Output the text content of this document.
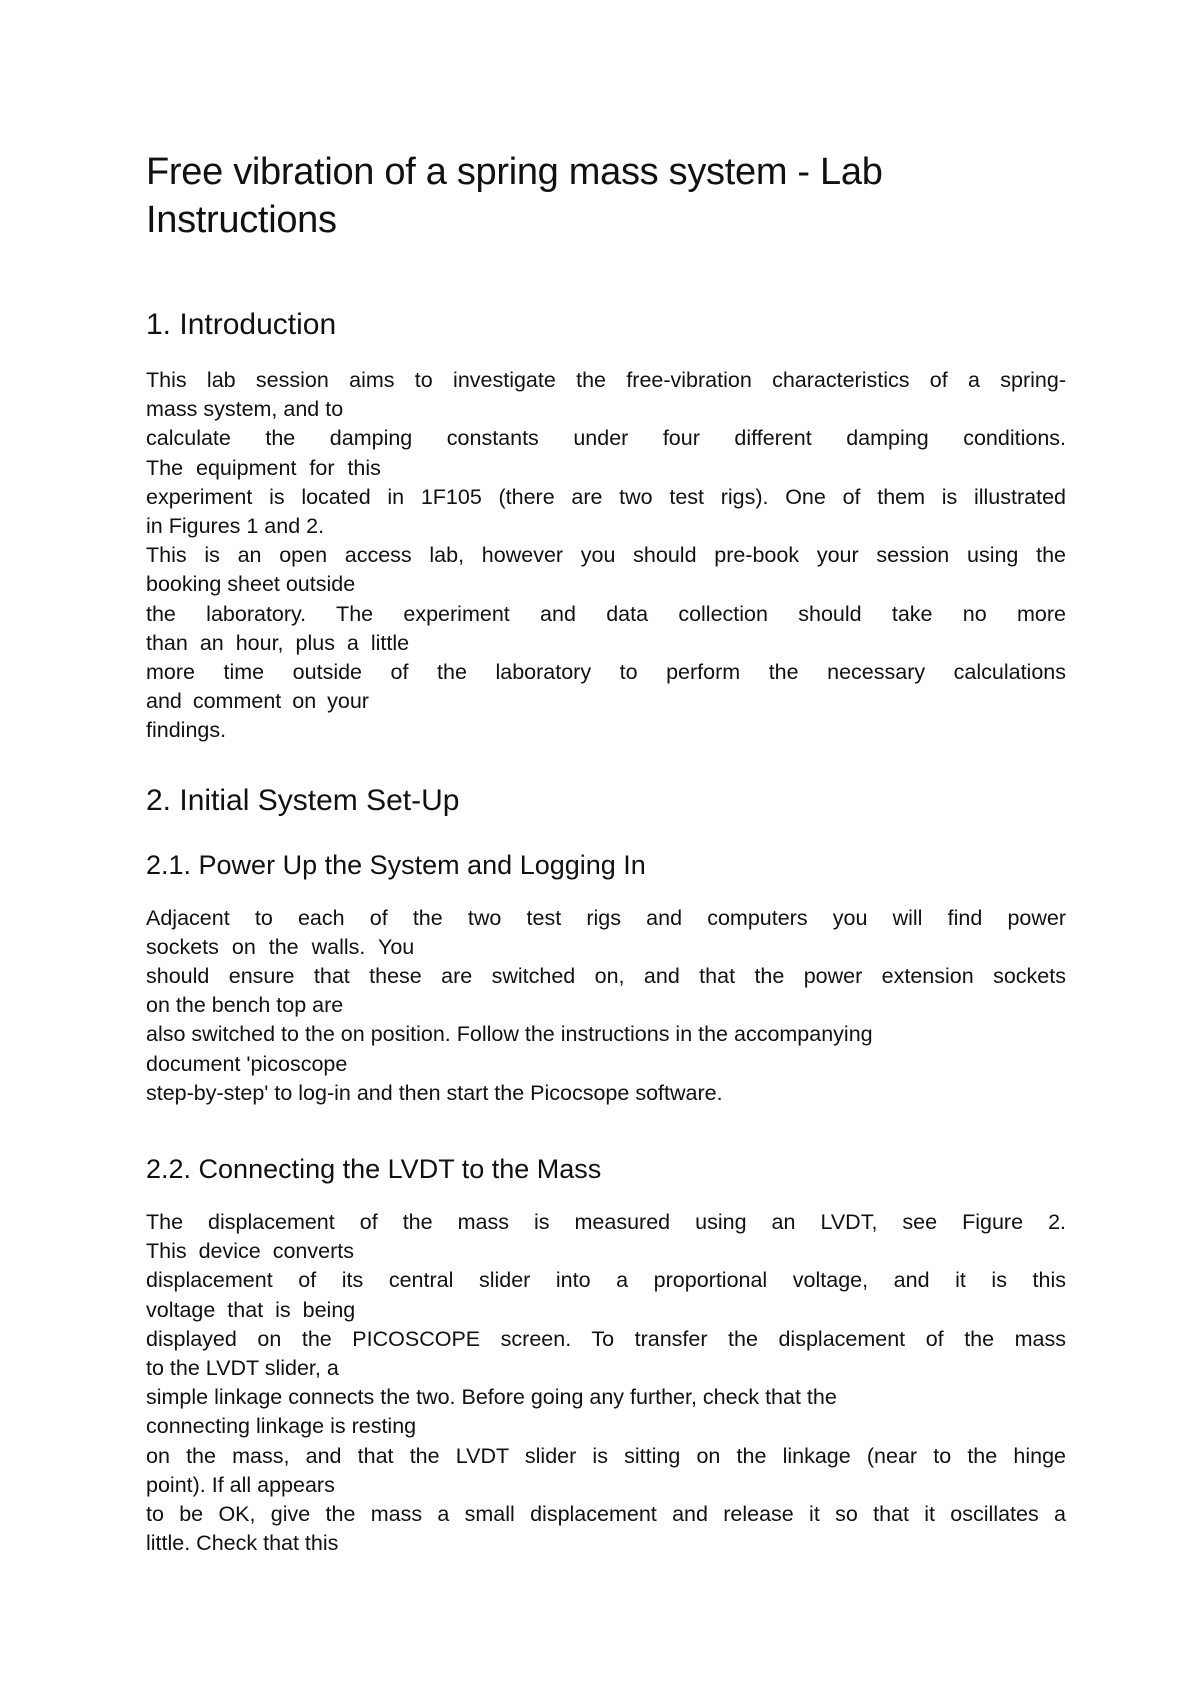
Free vibration of a spring mass system - Lab
Instructions
1. Introduction
This lab session aims to investigate the free-vibration characteristics of a spring-
mass system, and to
calculate the damping constants under four different damping conditions.
The equipment for this
experiment is located in 1F105 (there are two test rigs). One of them is illustrated
in Figures 1 and 2.
This is an open access lab, however you should pre-book your session using the
booking sheet outside
the laboratory. The experiment and data collection should take no more
than an hour, plus a little
more time outside of the laboratory to perform the necessary calculations
and comment on your
findings.
2. Initial System Set-Up
2.1. Power Up the System and Logging In
Adjacent to each of the two test rigs and computers you will find power
sockets on the walls. You
should ensure that these are switched on, and that the power extension sockets
on the bench top are
also switched to the on position. Follow the instructions in the accompanying
document 'picoscope
step-by-step' to log-in and then start the Picocsope software.
2.2. Connecting the LVDT to the Mass
The displacement of the mass is measured using an LVDT, see Figure 2.
This device converts
displacement of its central slider into a proportional voltage, and it is this
voltage that is being
displayed on the PICOSCOPE screen. To transfer the displacement of the mass
to the LVDT slider, a
simple linkage connects the two. Before going any further, check that the
connecting linkage is resting
on the mass, and that the LVDT slider is sitting on the linkage (near to the hinge
point). If all appears
to be OK, give the mass a small displacement and release it so that it oscillates a
little. Check that this
